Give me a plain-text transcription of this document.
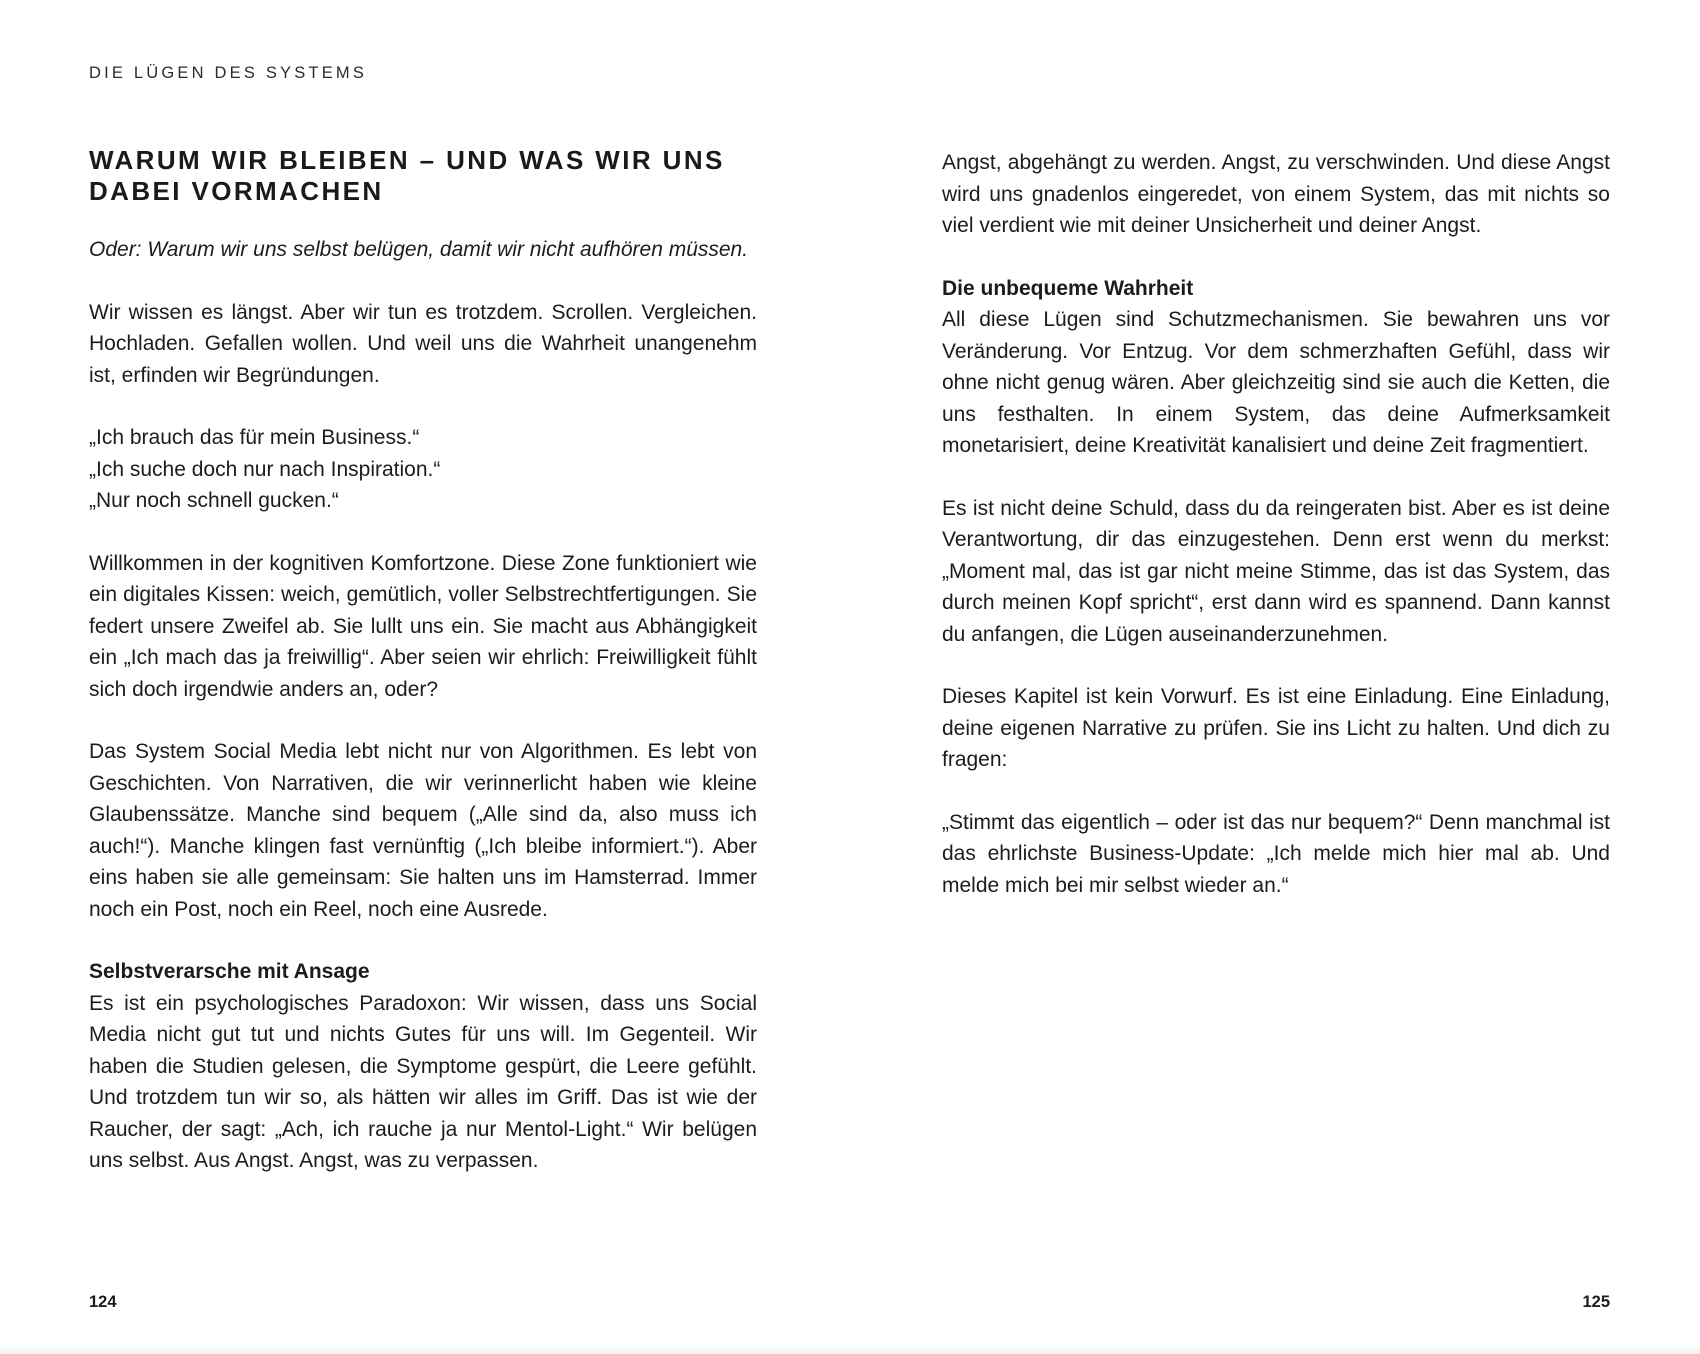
DIE LÜGEN DES SYSTEMS

WARUM WIR BLEIBEN – UND WAS WIR UNS DABEI VORMACHEN

Oder: Warum wir uns selbst belügen, damit wir nicht aufhören müssen.

Wir wissen es längst. Aber wir tun es trotzdem. Scrollen. Vergleichen. Hochladen. Gefallen wollen. Und weil uns die Wahrheit unangenehm ist, erfinden wir Begründungen.

„Ich brauch das für mein Business.“
„Ich suche doch nur nach Inspiration.“
„Nur noch schnell gucken.“

Willkommen in der kognitiven Komfortzone. Diese Zone funktioniert wie ein digitales Kissen: weich, gemütlich, voller Selbstrechtfertigungen. Sie federt unsere Zweifel ab. Sie lullt uns ein. Sie macht aus Abhängigkeit ein „Ich mach das ja freiwillig“. Aber seien wir ehrlich: Freiwilligkeit fühlt sich doch irgendwie anders an, oder?

Das System Social Media lebt nicht nur von Algorithmen. Es lebt von Geschichten. Von Narrativen, die wir verinnerlicht haben wie kleine Glaubenssätze. Manche sind bequem („Alle sind da, also muss ich auch!“). Manche klingen fast vernünftig („Ich bleibe informiert.“). Aber eins haben sie alle gemeinsam: Sie halten uns im Hamsterrad. Immer noch ein Post, noch ein Reel, noch eine Ausrede.

Selbstverarsche mit Ansage

Es ist ein psychologisches Paradoxon: Wir wissen, dass uns Social Media nicht gut tut und nichts Gutes für uns will. Im Gegenteil. Wir haben die Studien gelesen, die Symptome gespürt, die Leere gefühlt. Und trotzdem tun wir so, als hätten wir alles im Griff. Das ist wie der Raucher, der sagt: „Ach, ich rauche ja nur Mentol-Light.“ Wir belügen uns selbst. Aus Angst. Angst, was zu verpassen.

124

Angst, abgehängt zu werden. Angst, zu verschwinden. Und diese Angst wird uns gnadenlos eingeredet, von einem System, das mit nichts so viel verdient wie mit deiner Unsicherheit und deiner Angst.

Die unbequeme Wahrheit

All diese Lügen sind Schutzmechanismen. Sie bewahren uns vor Veränderung. Vor Entzug. Vor dem schmerzhaften Gefühl, dass wir ohne nicht genug wären. Aber gleichzeitig sind sie auch die Ketten, die uns festhalten. In einem System, das deine Aufmerksamkeit monetarisiert, deine Kreativität kanalisiert und deine Zeit fragmentiert.

Es ist nicht deine Schuld, dass du da reingeraten bist. Aber es ist deine Verantwortung, dir das einzugestehen. Denn erst wenn du merkst: „Moment mal, das ist gar nicht meine Stimme, das ist das System, das durch meinen Kopf spricht“, erst dann wird es spannend. Dann kannst du anfangen, die Lügen auseinanderzunehmen.

Dieses Kapitel ist kein Vorwurf. Es ist eine Einladung. Eine Einladung, deine eigenen Narrative zu prüfen. Sie ins Licht zu halten. Und dich zu fragen:

„Stimmt das eigentlich – oder ist das nur bequem?“ Denn manchmal ist das ehrlichste Business-Update: „Ich melde mich hier mal ab. Und melde mich bei mir selbst wieder an.“

125
